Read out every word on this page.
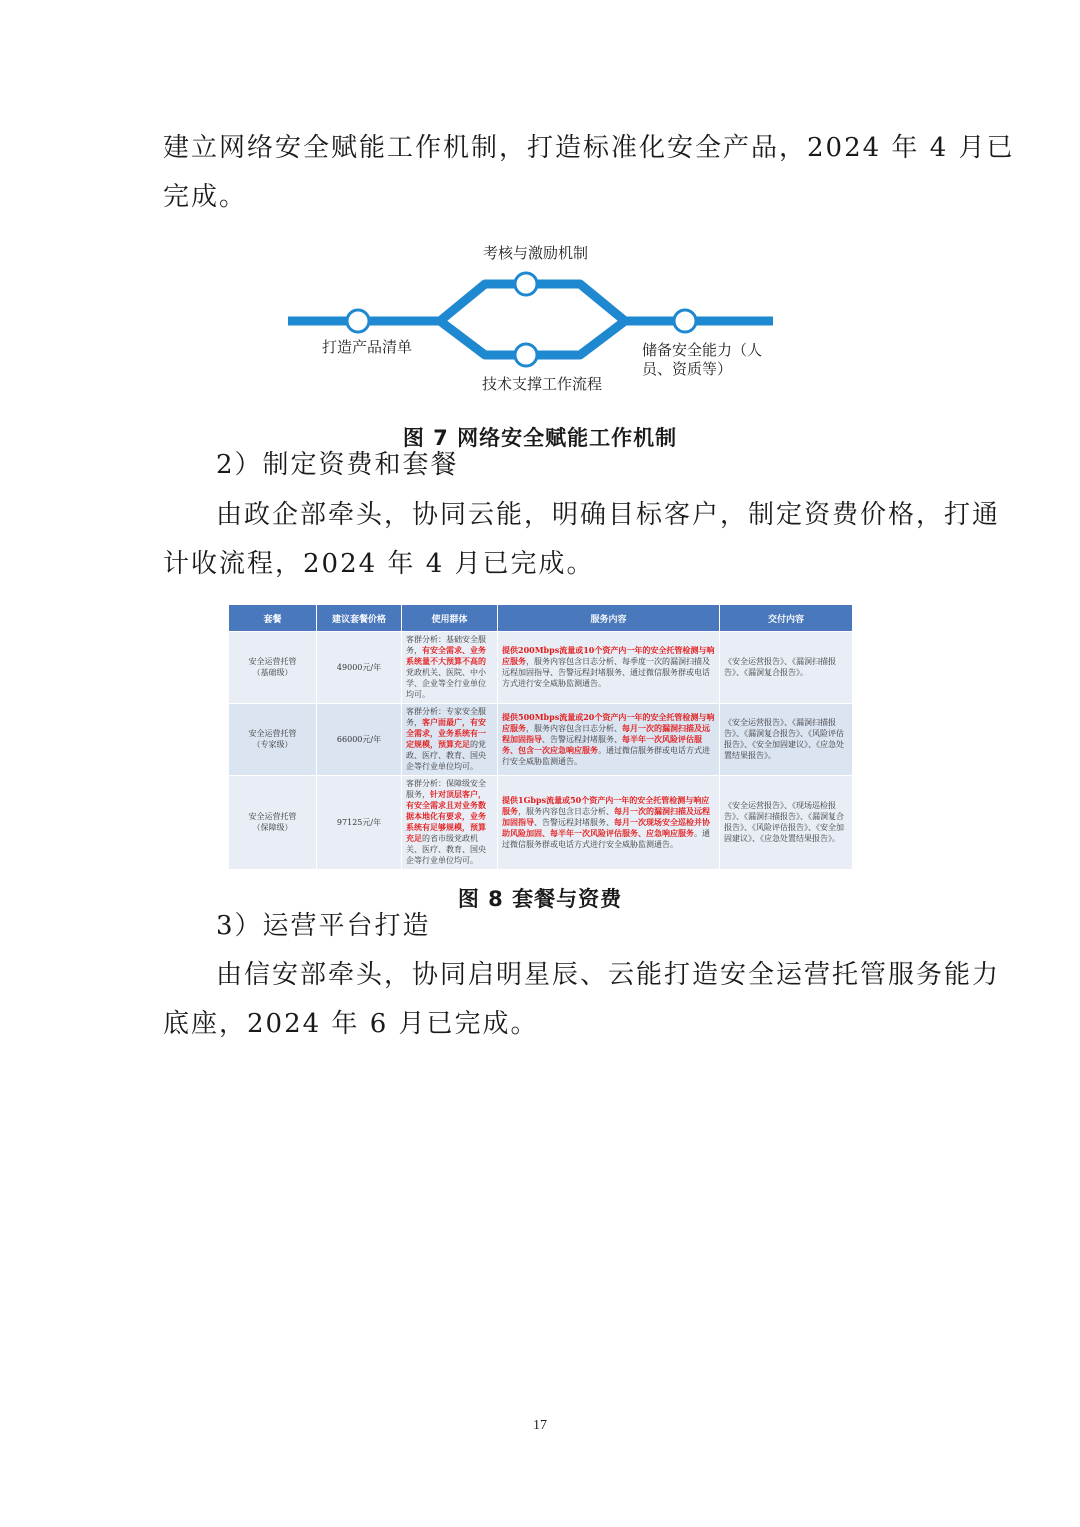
建立网络安全赋能工作机制，打造标准化安全产品，2024 年 4 月已

完成。

打造产品清单
考核与激励机制
技术支撑工作流程
储备安全能力（人
员、资质等）
图 7 网络安全赋能工作机制

2）制定资费和套餐

由政企部牵头，协同云能，明确目标客户，制定资费价格，打通

计收流程，2024 年 4 月已完成。

套餐	建议套餐价格	使用群体	服务内容	交付内容

安全运营托管
（基础级）	49000元/年	客群分析：基础安全服务，有安全需求、业务系统量不大预算不高的党政机关、医院、中小学、企业等全行业单位均可。	提供200Mbps流量或10个资产内一年的安全托管检测与响应服务，服务内容包含日志分析、每季度一次的漏洞扫描及远程加固指导、告警远程封堵服务、通过微信服务群或电话方式进行安全威胁监测通告。	《安全运营报告》、《漏洞扫描报告》、《漏洞复合报告》。

安全运营托管
（专家级）	66000元/年	客群分析：专家安全服务，客户面最广，有安全需求，业务系统有一定规模，预算充足的党政、医疗、教育、国央企等行业单位均可。	提供500Mbps流量或20个资产内一年的安全托管检测与响应服务，服务内容包含日志分析、每月一次的漏洞扫描及远程加固指导、告警远程封堵服务、每半年一次风险评估服务、包含一次应急响应服务。通过微信服务群或电话方式进行安全威胁监测通告。	《安全运营报告》、《漏洞扫描报告》、《漏洞复合报告》、《风险评估报告》、《安全加固建议》、《应急处置结果报告》。

安全运营托管
（保障级）	97125元/年	客群分析：保障级安全服务，针对顶层客户，有安全需求且对业务数据本地化有要求，业务系统有足够规模，预算充足的省市级党政机关、医疗、教育、国央企等行业单位均可。	提供1Gbps流量或50个资产内一年的安全托管检测与响应服务，服务内容包含日志分析、每月一次的漏洞扫描及远程加固指导、告警远程封堵服务、每月一次现场安全巡检并协助风险加固、每半年一次风险评估服务、应急响应服务。通过微信服务群或电话方式进行安全威胁监测通告。	《安全运营报告》、《现场巡检报告》、《漏洞扫描报告》、《漏洞复合报告》、《风险评估报告》、《安全加固建议》、《应急处置结果报告》。
图 8 套餐与资费

3）运营平台打造

由信安部牵头，协同启明星辰、云能打造安全运营托管服务能力

底座，2024 年 6 月已完成。

17
